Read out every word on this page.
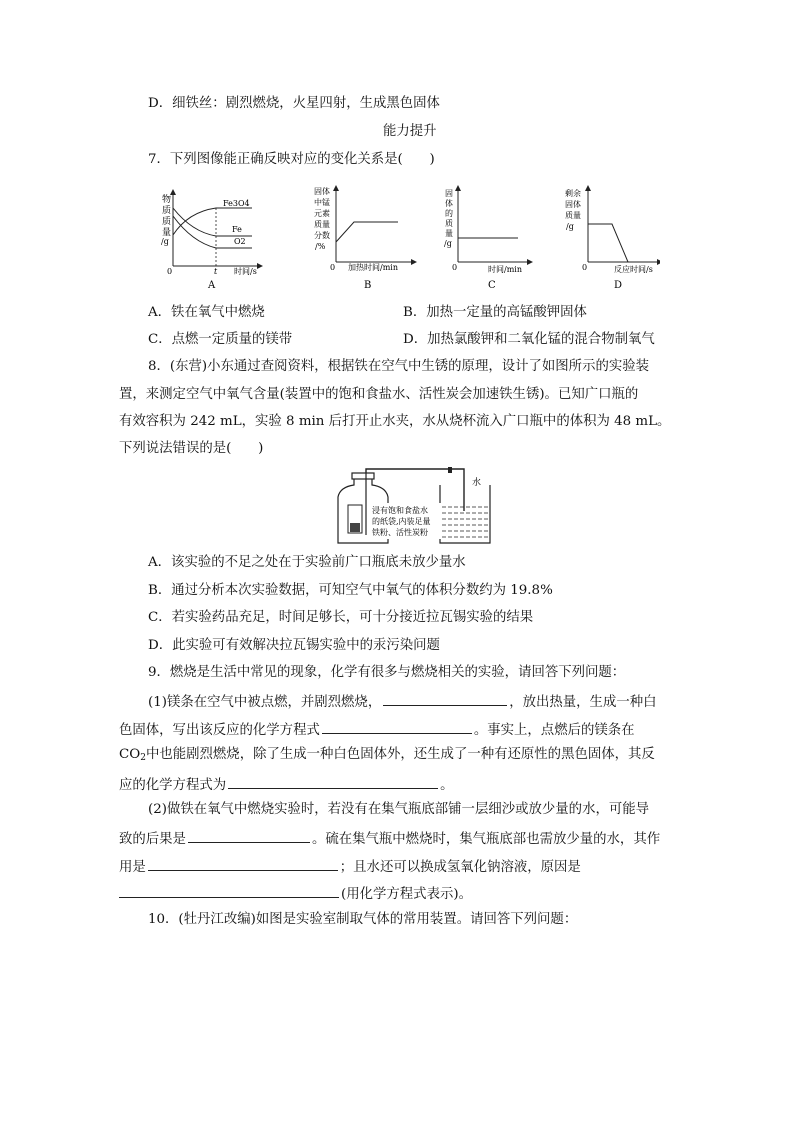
D．细铁丝：剧烈燃烧，火星四射，生成黑色固体
能力提升
7．下列图像能正确反映对应的变化关系是(　　)
物
质
质
量
/g
Fe3O4
Fe
O2
0	t 时间/s
A
固体
中锰
元素
质量
分数
/%
0 加热时间/min
B
固
体
的
质
量
/g
0	时间/min
C
剩余
固体
质量
/g
0	反应时间/s
D
A．铁在氧气中燃烧	B．加热一定量的高锰酸钾固体
C．点燃一定质量的镁带	D．加热氯酸钾和二氧化锰的混合物制氧气
8．(东营)小东通过查阅资料，根据铁在空气中生锈的原理，设计了如图所示的实验装
置，来测定空气中氧气含量(装置中的饱和食盐水、活性炭会加速铁生锈)。已知广口瓶的
有效容积为 242 mL，实验 8 min 后打开止水夹，水从烧杯流入广口瓶中的体积为 48 mL。
下列说法错误的是(　　)
浸有饱和食盐水
的纸袋,内装足量
铁粉、活性炭粉
水
A．该实验的不足之处在于实验前广口瓶底未放少量水
B．通过分析本次实验数据，可知空气中氧气的体积分数约为 19.8%
C．若实验药品充足，时间足够长，可十分接近拉瓦锡实验的结果
D．此实验可有效解决拉瓦锡实验中的汞污染问题
9．燃烧是生活中常见的现象，化学有很多与燃烧相关的实验，请回答下列问题：
(1)镁条在空气中被点燃，并剧烈燃烧，	，放出热量，生成一种白
色固体，写出该反应的化学方程式	。事实上，点燃后的镁条在
$CO_2$中也能剧烈燃烧，除了生成一种白色固体外，还生成了一种有还原性的黑色固体，其反
应的化学方程式为	。
(2)做铁在氧气中燃烧实验时，若没有在集气瓶底部铺一层细沙或放少量的水，可能导
致的后果是	。硫在集气瓶中燃烧时，集气瓶底部也需放少量的水，其作
用是	；且水还可以换成氢氧化钠溶液，原因是
(用化学方程式表示)。
10．(牡丹江改编)如图是实验室制取气体的常用装置。请回答下列问题：
